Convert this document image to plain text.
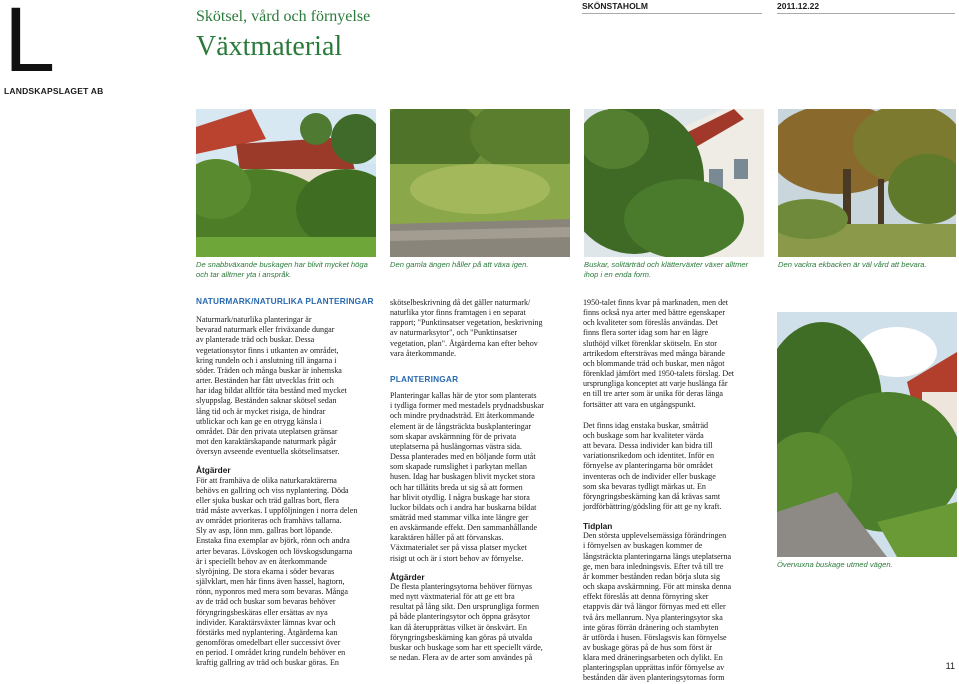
L
LANDSKAPSLAGET AB
Skötsel, vård och förnyelse
Växtmaterial
SKÖNSTAHOLM	2011.12.22
De snabbväxande buskagen har blivit mycket höga och tar alltmer yta i anspråk.
Den gamla ängen håller på att växa igen.	Buskar, solitärträd och klätterväxter växer alltmer ihop i en enda form.
Den vackra ekbacken är väl vård att bevara.
NATURMARK/NATURLIKA PLANTERINGAR
Naturmark/naturlika planteringar är
bevarad naturmark eller friväxande dungar
av planterade träd och buskar. Dessa
vegetationsytor finns i utkanten av området,
kring rundeln och i anslutning till ängarna i
söder. Träden och många buskar är inhemska
arter. Beständen har fått utvecklas fritt och
har idag bildat alltför täta bestånd med mycket
slyuppslag. Beständen saknar skötsel sedan
lång tid och är mycket risiga, de hindrar
utblickar och kan ge en otrygg känsla i
området. Där den privata uteplatsen gränsar
mot den karaktärskapande naturmark pågår
översyn avseende eventuella skötselinsatser.
Åtgärder
För att framhäva de olika naturkaraktärerna
behövs en gallring och viss nyplantering. Döda
eller sjuka buskar och träd gallras bort, flera
träd måste avverkas. I uppföljningen i norra delen
av området prioriteras och framhävs tallarna.
Sly av asp, lönn mm. gallras bort löpande.
Enstaka fina exemplar av björk, rönn och andra
arter bevaras. Lövskogen och lövskogsdungarna
är i speciellt behov av en återkommande
slyröjning. De stora ekarna i söder bevaras
självklart, men här finns även hassel, hagtorn,
rönn, nyponros med mera som bevaras. Många
av de träd och buskar som bevaras behöver
föryngringsbeskäras eller ersättas av nya
individer. Karaktärsväxter lämnas kvar och
förstärks med nyplantering. Åtgärderna kan
genomföras omedelbart eller successivt över
en period. I området kring rundeln behöver en
kraftig gallring av träd och buskar göras. En
skötselbeskrivning då det gäller naturmark/
naturlika ytor finns framtagen i en separat
rapport; "Punktinsatser vegetation, beskrivning
av naturmarksytor", och "Punktinsatser
vegetation, plan". Åtgärderna kan efter behov
vara återkommande.
PLANTERINGAR
Planteringar kallas här de ytor som planterats
i tydliga former med mestadels prydnadsbuskar
och mindre prydnadsträd. Ett återkommande
element är de långsträckta buskplanteringar
som skapar avskärmning för de privata
uteplatserna på huslängornas västra sida.
Dessa planterades med en böljande form utåt
som skapade rumslighet i parkytan mellan
husen. Idag har buskagen blivit mycket stora
och har tillåtits breda ut sig så att formen
har blivit otydlig. I några buskage har stora
luckor bildats och i andra har buskarna bildat
smäträd med stammar vilka inte längre ger
en avskärmande effekt. Den sammanhållande
karaktären håller på att förvanskas.
Växtmaterialet ser på vissa platser mycket
risigt ut och är i stort behov av förnyelse.
Åtgärder
De flesta planteringsytorna behöver förnyas
med nytt växtmaterial för att ge ett bra
resultat på lång sikt. Den ursprungliga formen
på både planteringsytor och öppna gräsytor
kan då återupprättas vilket är önskvärt. En
föryngringsbeskärning kan göras på utvalda
buskar och buskage som har ett speciellt värde,
se nedan. Flera av de arter som användes på
1950-talet finns kvar på marknaden, men det
finns också nya arter med bättre egenskaper
och kvaliteter som föreslås användas. Det
finns flera sorter idag som har en lägre
sluthöjd vilket förenklar skötseln. En stor
artrikedom eftersträvas med många bärande
och blommande träd och buskar, men något
förenklad jämfört med 1950-talets förslag. Det
ursprungliga konceptet att varje huslänga får
en till tre arter som är unika för deras länga
fortsätter att vara en utgångspunkt.
Det finns idag enstaka buskar, småträd
och buskage som har kvaliteter värda
att bevara. Dessa individer kan bidra till
variationsrikedom och identitet. Inför en
förnyelse av planteringarna bör området
inventeras och de individer eller buskage
som ska bevaras tydligt märkas ut. En
föryngringsbeskärning kan då krävas samt
jordförbättring/gödsling för att ge ny kraft.
Tidplan
Den största upplevelsemässiga förändringen
i förnyelsen av buskagen kommer de
långsträckta planteringarna längs uteplatserna
ge, men bara inledningsvis. Efter två till tre
år kommer bestånden redan börja sluta sig
och skapa avskärmning. För att minska denna
effekt föreslås att denna förnyring sker
etappvis där två längor förnyas med ett eller
två års mellanrum. Nya planteringsytor ska
inte göras förrän dränering och stambyten
är utförda i husen. Förslagsvis kan förnyelse
av buskage göras på de hus som först är
klara med dräneringsarbeten och dylikt. En
planteringsplan upprättas inför förnyelse av
bestånden där även planteringsytornas form
Övervuxna buskage utmed vägen.
11
